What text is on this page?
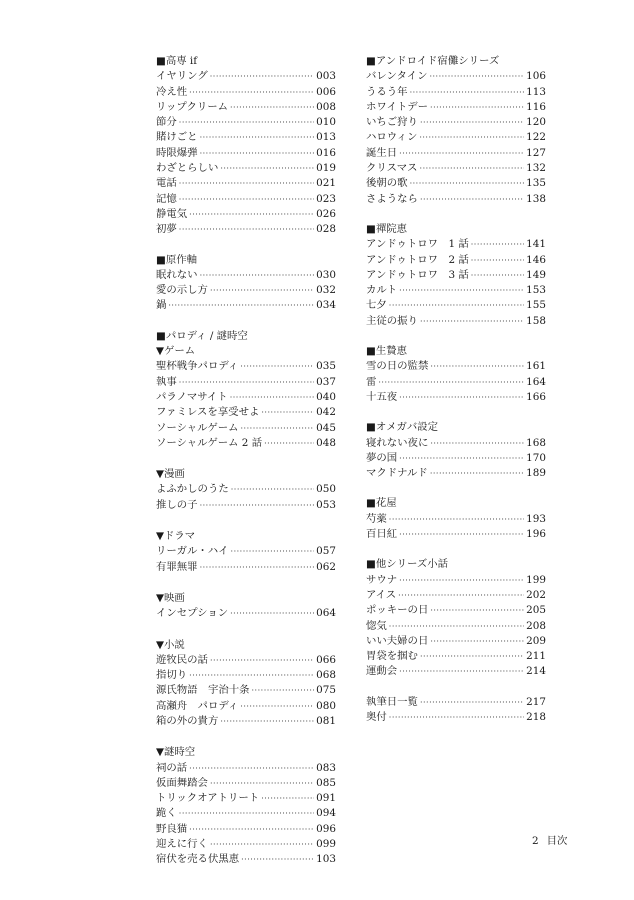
■高専 if
イヤリング ·····	003
冷え性 ·····	006
リップクリーム ·····	008
節分 ·····	010
賭けごと ·····	013
時限爆弾 ·····	016
わざとらしい ·····	019
電話 ·····	021
記憶 ·····	023
静電気 ·····	026
初夢 ·····	028
■原作軸
眠れない ·····	030
愛の示し方 ·····	032
鍋 ·····	034
■パロディ / 謎時空
▼ゲーム
聖杯戦争パロディ ·····	035
執事 ·····	037
パラノマサイト ·····	040
ファミレスを享受せよ ·····	042
ソーシャルゲーム ·····	045
ソーシャルゲーム 2 話 ·····	048
▼漫画
よふかしのうた ·····	050
推しの子 ·····	053
▼ドラマ
リーガル・ハイ ·····	057
有罪無罪 ·····	062
▼映画
インセプション ·····	064
▼小説
遊牧民の話 ·····	066
指切り ·····	068
源氏物語　宇治十条 ·····	075
高瀬舟　パロディ ·····	080
箱の外の貴方 ·····	081
▼謎時空
祠の話 ·····	083
仮面舞踏会 ·····	085
トリックオアトリート ·····	091
跪く ·····	094
野良猫 ·····	096
迎えに行く ·····	099
宿伏を売る伏黒恵 ·····	103
■アンドロイド宿儺シリーズ
バレンタイン ·····	106
うるう年 ·····	113
ホワイトデー ·····	116
いちご狩り ·····	120
ハロウィン ·····	122
誕生日 ·····	127
クリスマス ·····	132
後朝の歌 ·····	135
さようなら ·····	138
■禪院恵
アンドゥトロワ　1 話 ·····	141
アンドゥトロワ　2 話 ·····	146
アンドゥトロワ　3 話 ·····	149
カルト ·····	153
七夕 ·····	155
主従の振り ·····	158
■生贄恵
雪の日の監禁 ·····	161
雷 ·····	164
十五夜 ·····	166
■オメガバ設定
寝れない夜に ·····	168
夢の国 ·····	170
マクドナルド ·····	189
■花屋
芍薬 ·····	193
百日紅 ·····	196
■他シリーズ小話
サウナ ·····	199
アイス ·····	202
ポッキーの日 ·····	205
惚気 ·····	208
いい夫婦の日 ·····	209
胃袋を掴む ·····	211
運動会 ·····	214
執筆日一覧 ·····	217
奥付 ·····	218
2 目次
